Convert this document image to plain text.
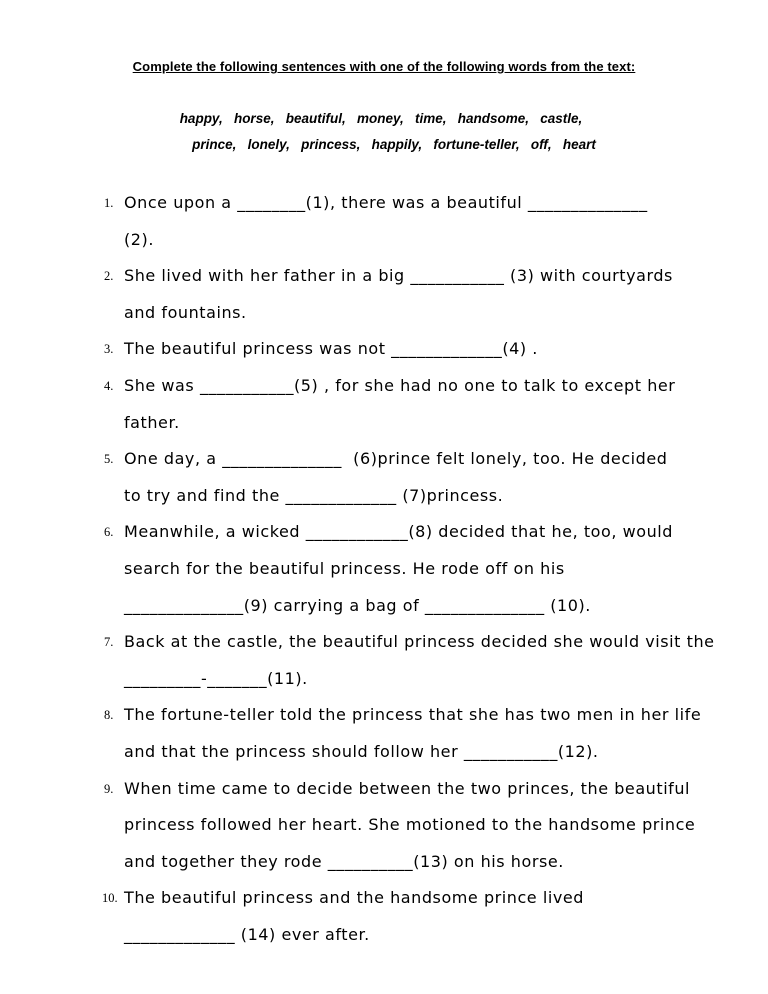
Complete the following sentences with one of the following words from the text:
happy,   horse,   beautiful,   money,   time,   handsome,   castle,
prince,   lonely,   princess,   happily,   fortune-teller,   off,   heart
1. Once upon a ________(1), there was a beautiful ______________
(2).
2. She lived with her father in a big ___________ (3) with courtyards
and fountains.
3. The beautiful princess was not _____________(4) .
4. She was ___________(5) , for she had no one to talk to except her
father.
5. One day, a ______________  (6)prince felt lonely, too. He decided
to try and find the _____________ (7)princess.
6. Meanwhile, a wicked ____________(8) decided that he, too, would
search for the beautiful princess. He rode off on his
______________(9) carrying a bag of ______________ (10).
7. Back at the castle, the beautiful princess decided she would visit the
_________-_______(11).
8. The fortune-teller told the princess that she has two men in her life
and that the princess should follow her ___________(12).
9. When time came to decide between the two princes, the beautiful
princess followed her heart. She motioned to the handsome prince
and together they rode __________(13) on his horse.
10. The beautiful princess and the handsome prince lived
_____________ (14) ever after.
